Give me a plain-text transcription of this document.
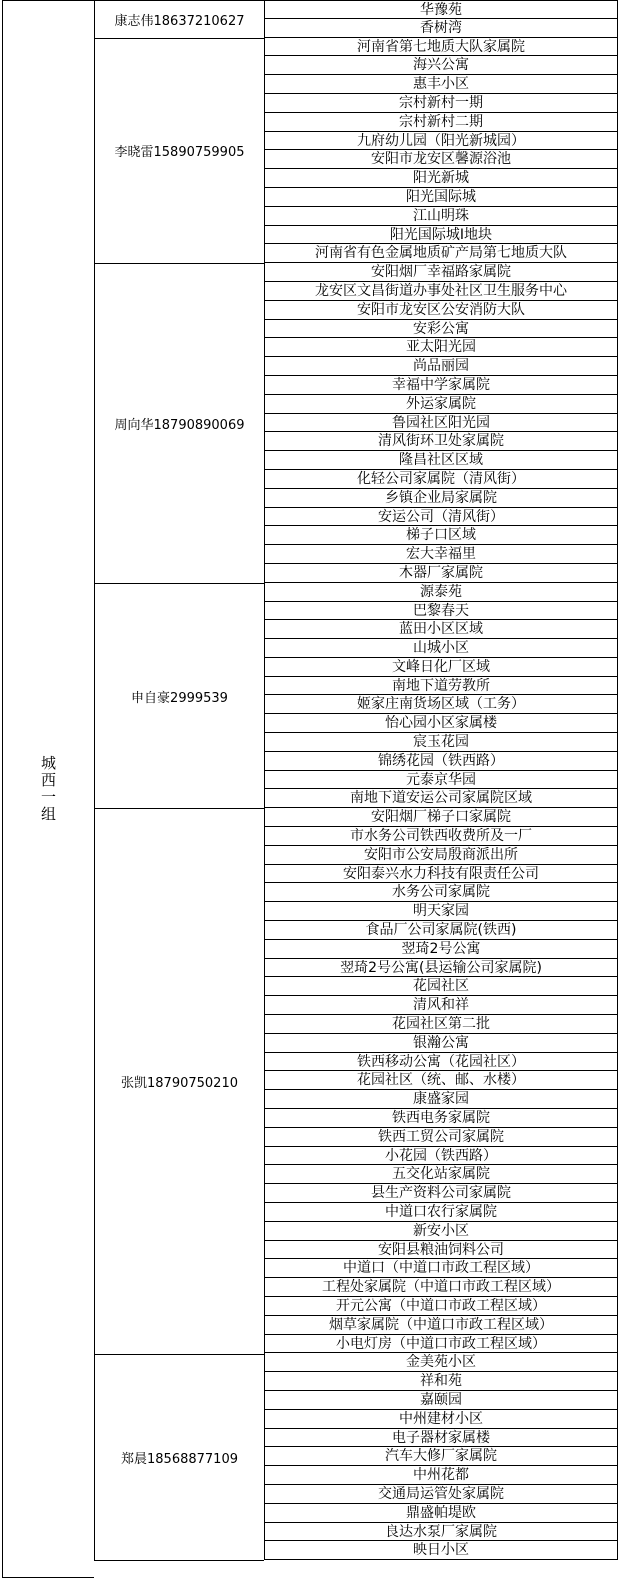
城西一组
康志伟18637210627
李晓雷15890759905
周向华18790890069
申自豪2999539
张凯18790750210
郑晨18568877109
华豫苑
香树湾
河南省第七地质大队家属院
海兴公寓
惠丰小区
宗村新村一期
宗村新村二期
九府幼儿园（阳光新城园）
安阳市龙安区馨源浴池
阳光新城
阳光国际城
江山明珠
阳光国际城I地块
河南省有色金属地质矿产局第七地质大队
安阳烟厂幸福路家属院
龙安区文昌街道办事处社区卫生服务中心
安阳市龙安区公安消防大队
安彩公寓
亚太阳光园
尚品丽园
幸福中学家属院
外运家属院
鲁园社区阳光园
清风街环卫处家属院
隆昌社区区域
化轻公司家属院（清风街）
乡镇企业局家属院
安运公司（清风街）
梯子口区域
宏大幸福里
木器厂家属院
源泰苑
巴黎春天
蓝田小区区域
山城小区
文峰日化厂区域
南地下道劳教所
姬家庄南货场区域（工务）
怡心园小区家属楼
宸玉花园
锦绣花园（铁西路）
元泰京华园
南地下道安运公司家属院区域
安阳烟厂梯子口家属院
市水务公司铁西收费所及一厂
安阳市公安局殷商派出所
安阳泰兴水力科技有限责任公司
水务公司家属院
明天家园
食品厂公司家属院(铁西)
翌琦2号公寓
翌琦2号公寓(县运输公司家属院)
花园社区
清风和祥
花园社区第二批
银瀚公寓
铁西移动公寓（花园社区）
花园社区（统、邮、水楼）
康盛家园
铁西电务家属院
铁西工贸公司家属院
小花园（铁西路）
五交化站家属院
县生产资料公司家属院
中道口农行家属院
新安小区
安阳县粮油饲料公司
中道口（中道口市政工程区域）
工程处家属院（中道口市政工程区域）
开元公寓（中道口市政工程区域）
烟草家属院（中道口市政工程区域）
小电灯房（中道口市政工程区域）
金美苑小区
祥和苑
嘉颐园
中州建材小区
电子器材家属楼
汽车大修厂家属院
中州花都
交通局运管处家属院
鼎盛帕堤欧
良达水泵厂家属院
映日小区
